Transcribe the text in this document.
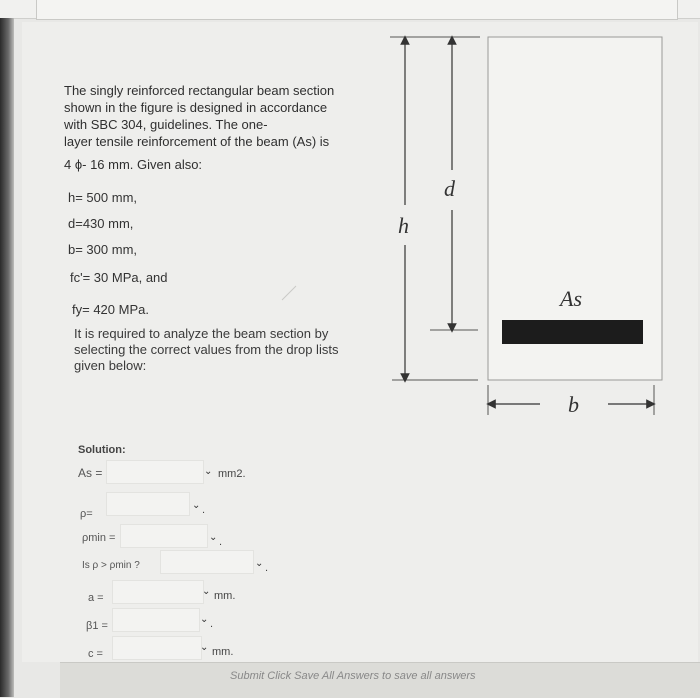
The singly reinforced rectangular beam section

shown in the figure is designed in accordance

with SBC 304, guidelines. The one-

layer tensile reinforcement of the beam (As) is

4 ϕ- 16 mm. Given also:

h= 500 mm,
d=430 mm,
b= 300 mm,
fc'= 30 MPa, and
fy= 420 MPa.
It is required to analyze the beam section by
selecting the correct values from the drop lists
given below:
h
d
As
b
Solution:
As =	⌄ mm2.
ρ=
⌄ .
ρmin =	⌄ .
Is ρ > ρmin ?	⌄ .
a =
⌄ mm.
β1 =
⌄ .
c =
⌄ mm.
Submit Click Save All Answers to save all answers
